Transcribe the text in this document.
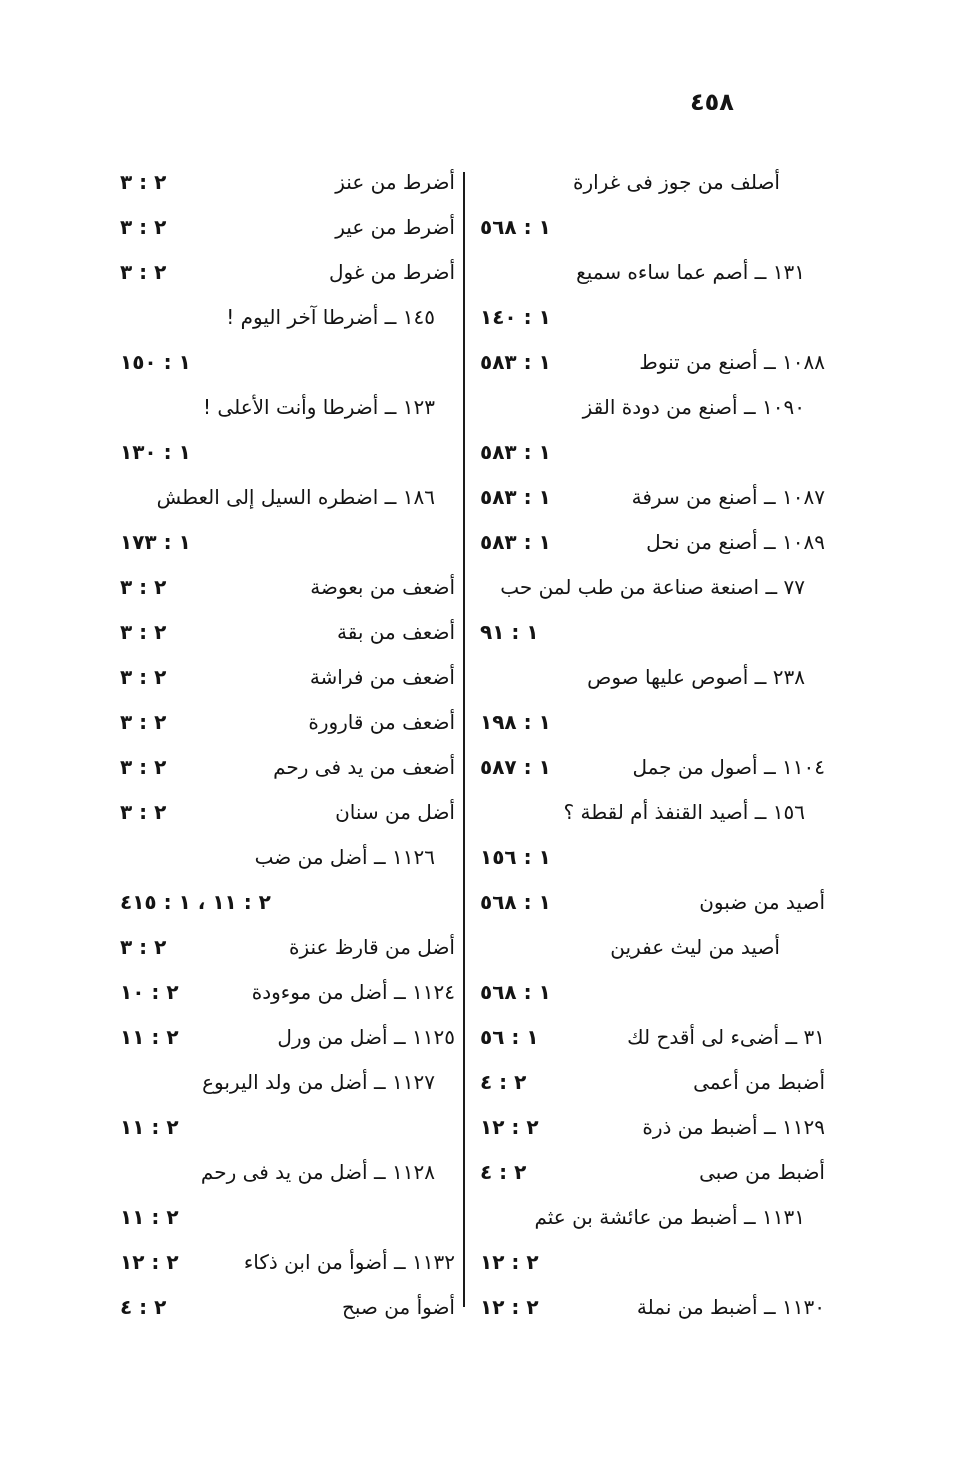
٤٥٨
أصلف من جوز فى غرارة
١ : ٥٦٨
١٣١ ــ أصم عما ساءه سميع
١ : ١٤٠
١٠٨٨ ــ أصنع من تنوط
١ : ٥٨٣
١٠٩٠ ــ أصنع من دودة القز
١ : ٥٨٣
١٠٨٧ ــ أصنع من سرفة
١ : ٥٨٣
١٠٨٩ ــ أصنع من نحل
١ : ٥٨٣
٧٧ ــ اصنعة صناعة من طب لمن حب
١ : ٩١
٢٣٨ ــ أصوص عليها صوص
١ : ١٩٨
١١٠٤ ــ أصول من جمل
١ : ٥٨٧
١٥٦ ــ أصيد القنفذ أم لقطة ؟
١ : ١٥٦
أصيد من ضبون
١ : ٥٦٨
أصيد من ليث عفرين
١ : ٥٦٨
٣١ ــ أضىء لى أقدح لك
١ : ٥٦
أضبط من أعمى
٢ : ٤
١١٢٩ ــ أضبط من ذرة
٢ : ١٢
أضبط من صبى
٢ : ٤
١١٣١ ــ أضبط من عائشة بن عثم
٢ : ١٢
١١٣٠ ــ أضبط من نملة
٢ : ١٢
أضرط من عنز
٢ : ٣
أضرط من عير
٢ : ٣
أضرط من غول
٢ : ٣
١٤٥ ــ أضرطا آخر اليوم !
١ : ١٥٠
١٢٣ ــ أضرطا وأنت الأعلى !
١ : ١٣٠
١٨٦ ــ اضطره السيل إلى العطش
١ : ١٧٣
أضعف من بعوضة
٢ : ٣
أضعف من بقة
٢ : ٣
أضعف من فراشة
٢ : ٣
أضعف من قارورة
٢ : ٣
أضعف من يد فى رحم
٢ : ٣
أضل من سنان
٢ : ٣
١١٢٦ ــ أضل من ضب
٢ : ١١ ، ١ : ٤١٥
أضل من قارظ عنزة
٢ : ٣
١١٢٤ ــ أضل من موءودة
٢ : ١٠
١١٢٥ ــ أضل من ورل
٢ : ١١
١١٢٧ ــ أضل من ولد اليربوع
٢ : ١١
١١٢٨ ــ أضل من يد فى رحم
٢ : ١١
١١٣٢ ــ أضوأ من ابن ذكاء
٢ : ١٢
أضوأ من صبح
٢ : ٤
